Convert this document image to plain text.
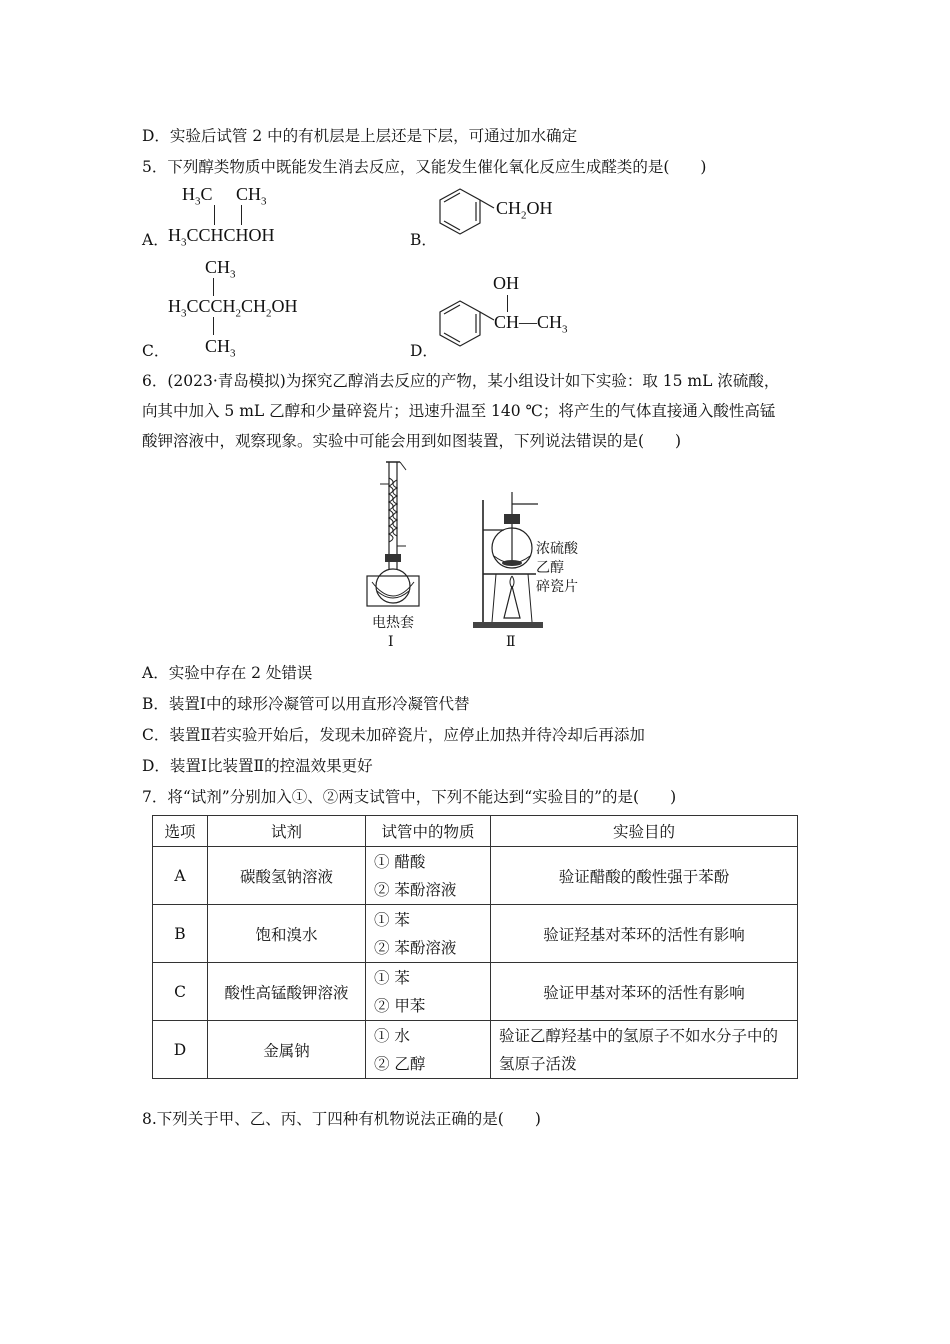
D．实验后试管 2 中的有机层是上层还是下层，可通过加水确定
5．下列醇类物质中既能发生消去反应，又能发生催化氧化反应生成醛类的是(　　)
A．
$H_3C$ $CH_3$
$H_3CCHCHOH$	B．
$CH_2OH$
C．
$CH_3$
$H_3CCCH_2CH_2OH$
$CH_3$	D．
OH
$CH—CH_3$
6．(2023·青岛模拟)为探究乙醇消去反应的产物，某小组设计如下实验：取 15 mL 浓硫酸，
向其中加入 5 mL 乙醇和少量碎瓷片；迅速升温至 140 ℃；将产生的气体直接通入酸性高锰
酸钾溶液中，观察现象。实验中可能会用到如图装置，下列说法错误的是(　　)
电热套
Ⅰ
浓硫酸
乙醇
碎瓷片
Ⅱ
A．实验中存在 2 处错误
B．装置Ⅰ中的球形冷凝管可以用直形冷凝管代替
C．装置Ⅱ若实验开始后，发现未加碎瓷片，应停止加热并待冷却后再添加
D．装置Ⅰ比装置Ⅱ的控温效果更好
7．将“试剂”分别加入①、②两支试管中，下列不能达到“实验目的”的是(　　)
选项	试剂	试管中的物质	实验目的
A	碳酸氢钠溶液	① 醋酸
② 苯酚溶液	验证醋酸的酸性强于苯酚
B	饱和溴水	① 苯
② 苯酚溶液	验证羟基对苯环的活性有影响
C	酸性高锰酸钾溶液	① 苯
② 甲苯	验证甲基对苯环的活性有影响
D	金属钠	① 水
② 乙醇	验证乙醇羟基中的氢原子不如水分子中的氢原子活泼
8.下列关于甲、乙、丙、丁四种有机物说法正确的是(　　)
